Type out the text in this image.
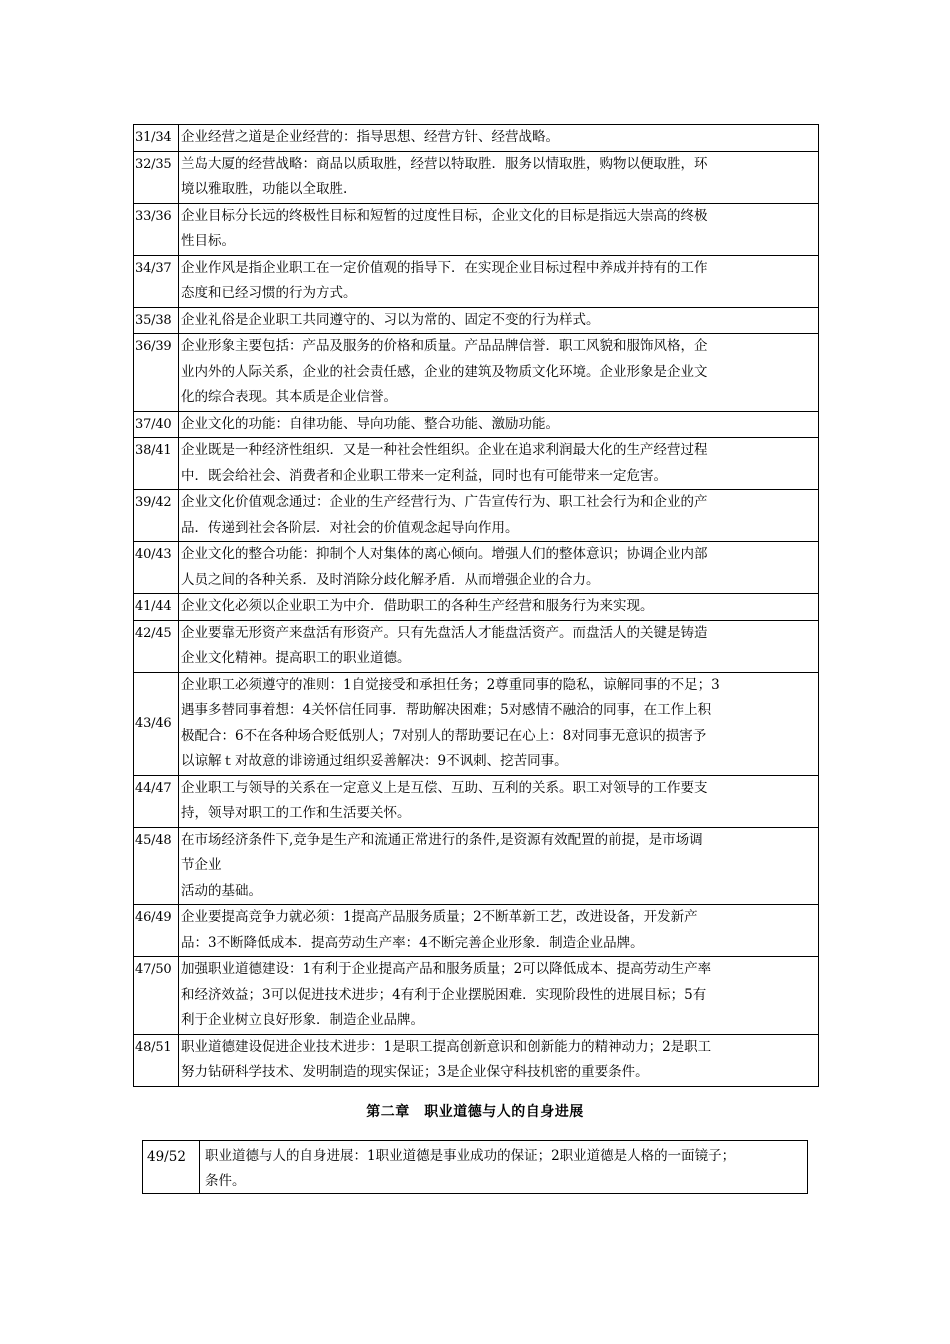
31/34	企业经营之道是企业经营的：指导思想、经营方针、经营战略。
32/35	兰岛大厦的经营战略：商品以质取胜，经营以特取胜．服务以情取胜，购物以便取胜，环
境以雅取胜，功能以全取胜.
33/36	企业目标分长远的终极性目标和短暂的过度性目标，企业文化的目标是指远大崇高的终极
性目标。
34/37	企业作风是指企业职工在一定价值观的指导下．在实现企业目标过程中养成并持有的工作
态度和已经习惯的行为方式。
35/38	企业礼俗是企业职工共同遵守的、习以为常的、固定不变的行为样式。
36/39	企业形象主要包括：产品及服务的价格和质量。产品品牌信誉．职工风貌和服饰风格，企
业内外的人际关系，企业的社会责任感，企业的建筑及物质文化环境。企业形象是企业文
化的综合表现。其本质是企业信誉。
37/40	企业文化的功能：自律功能、导向功能、整合功能、激励功能。
38/41	企业既是一种经济性组织．又是一种社会性组织。企业在追求利润最大化的生产经营过程
中．既会给社会、消费者和企业职工带来一定利益，同时也有可能带来一定危害。
39/42	企业文化价值观念通过：企业的生产经营行为、广告宣传行为、职工社会行为和企业的产
品．传递到社会各阶层．对社会的价值观念起导向作用。
40/43	企业文化的整合功能：抑制个人对集体的离心倾向。增强人们的整体意识；协调企业内部
人员之间的各种关系．及时消除分歧化解矛盾．从而增强企业的合力。
41/44	企业文化必须以企业职工为中介．借助职工的各种生产经营和服务行为来实现。
42/45	企业要靠无形资产来盘活有形资产。只有先盘活人才能盘活资产。而盘活人的关键是铸造
企业文化精神。提高职工的职业道德。
43/46	企业职工必须遵守的准则：1自觉接受和承担任务；2尊重同事的隐私，谅解同事的不足；3
遇事多替同事着想：4关怀信任同事．帮助解决困难；5对感情不融洽的同事，在工作上积
极配合：6不在各种场合贬低别人；7对别人的帮助要记在心上：8对同事无意识的损害予
以谅解ｔ对故意的诽谤通过组织妥善解决：9不讽刺、挖苦同事。
44/47	企业职工与领导的关系在一定意义上是互偿、互助、互利的关系。职工对领导的工作要支
持，领导对职工的工作和生活要关怀。
45/48	在市场经济条件下,竞争是生产和流通正常进行的条件,是资源有效配置的前提，是市场调
节企业
活动的基础。
46/49	企业要提高竞争力就必须：1提高产品服务质量；2不断革新工艺，改进设备，开发新产
品：3不断降低成本．提高劳动生产率：4不断完善企业形象．制造企业品牌。
47/50	加强职业道德建设：1有利于企业提高产品和服务质量；2可以降低成本、提高劳动生产率
和经济效益；3可以促进技术进步；4有利于企业摆脱困难．实现阶段性的进展目标；5有
利于企业树立良好形象．制造企业品牌。
48/51	职业道德建设促进企业技术进步：1是职工提高创新意识和创新能力的精神动力；2是职工
努力钻研科学技术、发明制造的现实保证；3是企业保守科技机密的重要条件。
第二章　职业道德与人的自身进展
49/52	职业道德与人的自身进展：1职业道德是事业成功的保证；2职业道德是人格的一面镜子；
条件。
